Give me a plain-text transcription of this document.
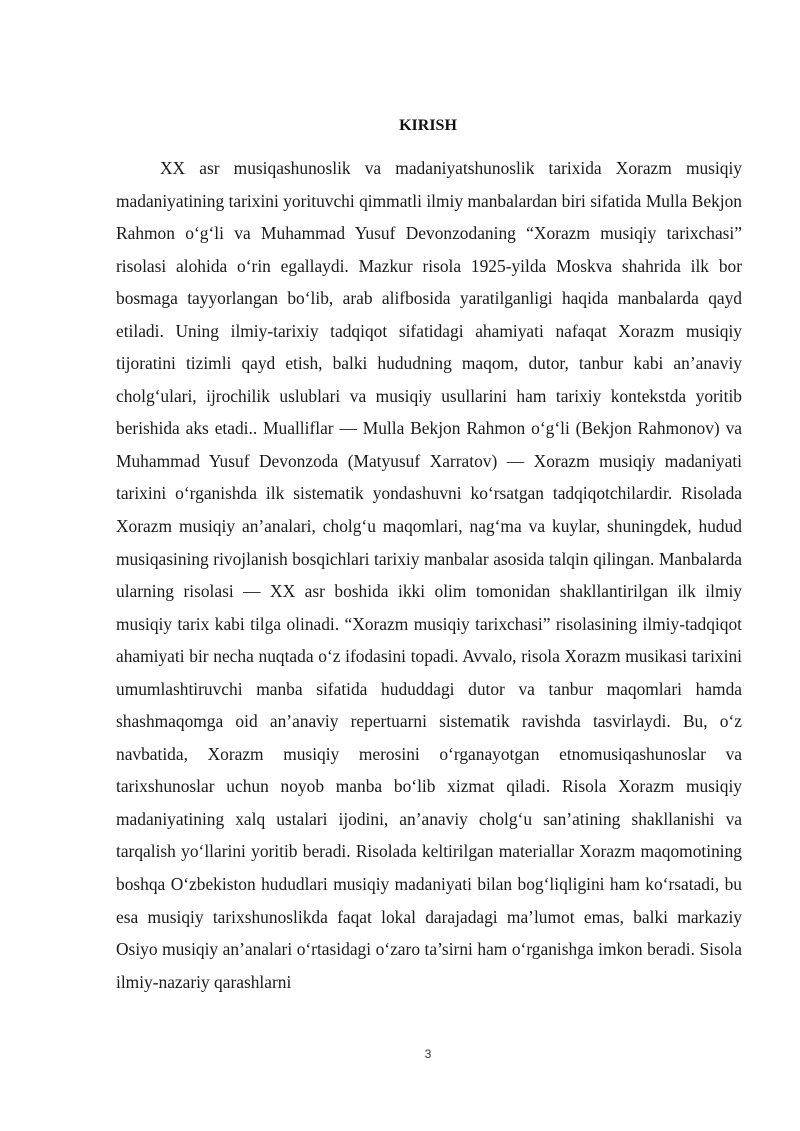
KIRISH

XX asr musiqashunoslik va madaniyatshunoslik tarixida Xorazm musiqiy madaniyatining tarixini yorituvchi qimmatli ilmiy manbalardan biri sifatida Mulla Bekjon Rahmon o‘g‘li va Muhammad Yusuf Devonzodaning “Xorazm musiqiy tarixchasi” risolasi alohida o‘rin egallaydi. Mazkur risola 1925-yilda Moskva shahrida ilk bor bosmaga tayyorlangan bo‘lib, arab alifbosida yaratilganligi haqida manbalarda qayd etiladi. Uning ilmiy-tarixiy tadqiqot sifatidagi ahamiyati nafaqat Xorazm musiqiy tijoratini tizimli qayd etish, balki hududning maqom, dutor, tanbur kabi an’anaviy cholg‘ulari, ijrochilik uslublari va musiqiy usullarini ham tarixiy kontekstda yoritib berishida aks etadi.. Mualliflar — Mulla Bekjon Rahmon o‘g‘li (Bekjon Rahmonov) va Muhammad Yusuf Devonzoda (Matyusuf Xarratov) — Xorazm musiqiy madaniyati tarixini o‘rganishda ilk sistematik yondashuvni ko‘rsatgan tadqiqotchilardir. Risolada Xorazm musiqiy an’analari, cholg‘u maqomlari, nag‘ma va kuylar, shuningdek, hudud musiqasining rivojlanish bosqichlari tarixiy manbalar asosida talqin qilingan. Manbalarda ularning risolasi — XX asr boshida ikki olim tomonidan shakllantirilgan ilk ilmiy musiqiy tarix kabi tilga olinadi. “Xorazm musiqiy tarixchasi” risolasining ilmiy-tadqiqot ahamiyati bir necha nuqtada o‘z ifodasini topadi. Avvalo, risola Xorazm musikasi tarixini umumlashtiruvchi manba sifatida hududdagi dutor va tanbur maqomlari hamda shashmaqomga oid an’anaviy repertuarni sistematik ravishda tasvirlaydi. Bu, o‘z navbatida, Xorazm musiqiy merosini o‘rganayotgan etnomusiqashunoslar va tarixshunoslar uchun noyob manba bo‘lib xizmat qiladi. Risola Xorazm musiqiy madaniyatining xalq ustalari ijodini, an’anaviy cholg‘u san’atining shakllanishi va tarqalish yo‘llarini yoritib beradi. Risolada keltirilgan materiallar Xorazm maqomotining boshqa O‘zbekiston hududlari musiqiy madaniyati bilan bog‘liqligini ham ko‘rsatadi, bu esa musiqiy tarixshunoslikda faqat lokal darajadagi ma’lumot emas, balki markaziy Osiyo musiqiy an’analari o‘rtasidagi o‘zaro ta’sirni ham o‘rganishga imkon beradi. Sisola ilmiy-nazariy qarashlarni

3
